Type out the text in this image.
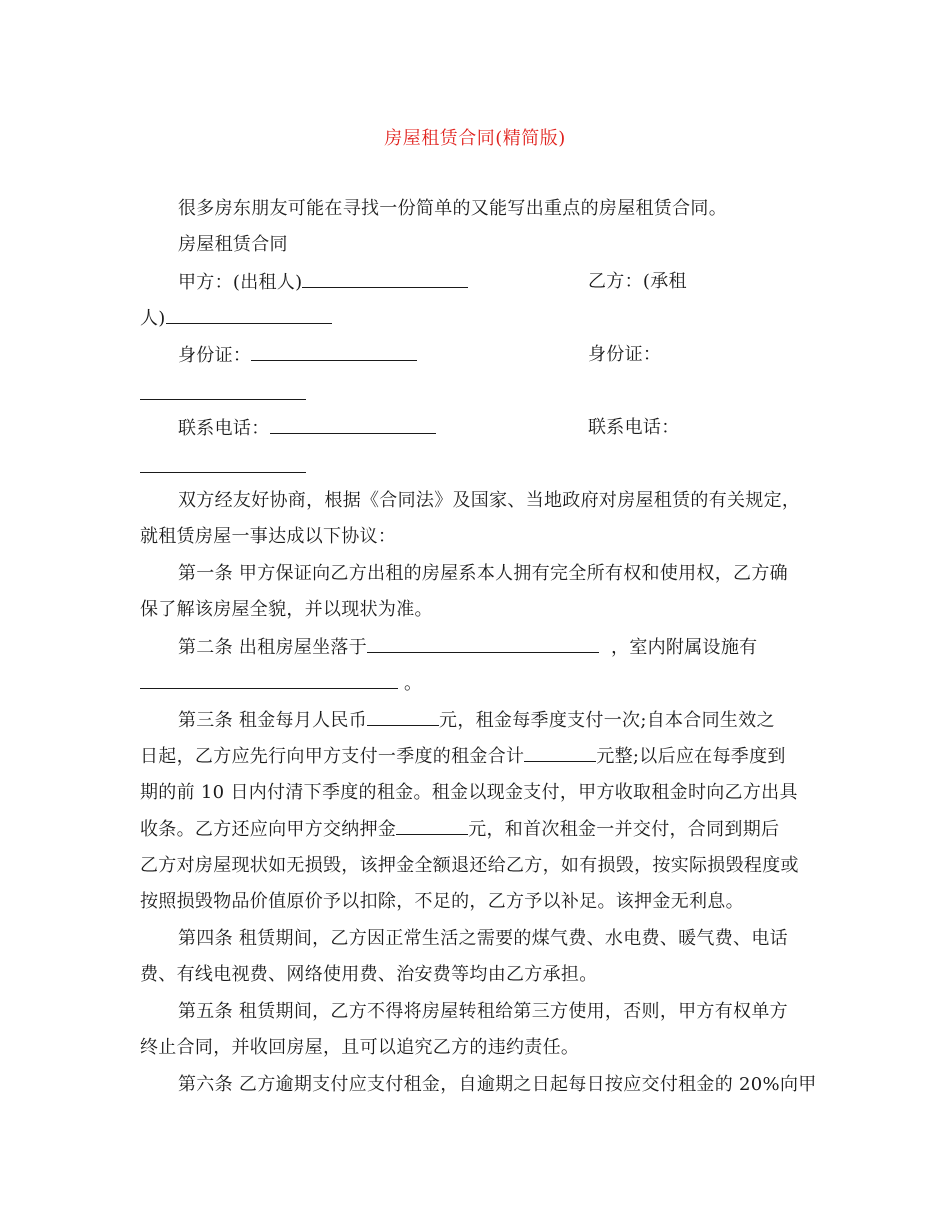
房屋租赁合同(精简版)
很多房东朋友可能在寻找一份简单的又能写出重点的房屋租赁合同。
房屋租赁合同
甲方：(出租人)	乙方：(承租
人)
身份证：	身份证：
联系电话：	联系电话：
双方经友好协商，根据《合同法》及国家、当地政府对房屋租赁的有关规定，
就租赁房屋一事达成以下协议：
第一条 甲方保证向乙方出租的房屋系本人拥有完全所有权和使用权，乙方确
保了解该房屋全貌，并以现状为准。
第二条 出租房屋坐落于	，室内附属设施有
。
第三条 租金每月人民币	元，租金每季度支付一次;自本合同生效之
日起，乙方应先行向甲方支付一季度的租金合计	元整;以后应在每季度到
期的前 10 日内付清下季度的租金。租金以现金支付，甲方收取租金时向乙方出具
收条。乙方还应向甲方交纳押金	元，和首次租金一并交付，合同到期后
乙方对房屋现状如无损毁，该押金全额退还给乙方，如有损毁，按实际损毁程度或
按照损毁物品价值原价予以扣除，不足的，乙方予以补足。该押金无利息。
第四条 租赁期间，乙方因正常生活之需要的煤气费、水电费、暖气费、电话
费、有线电视费、网络使用费、治安费等均由乙方承担。
第五条 租赁期间，乙方不得将房屋转租给第三方使用，否则，甲方有权单方
终止合同，并收回房屋，且可以追究乙方的违约责任。
第六条 乙方逾期支付应支付租金，自逾期之日起每日按应交付租金的 20%向甲
